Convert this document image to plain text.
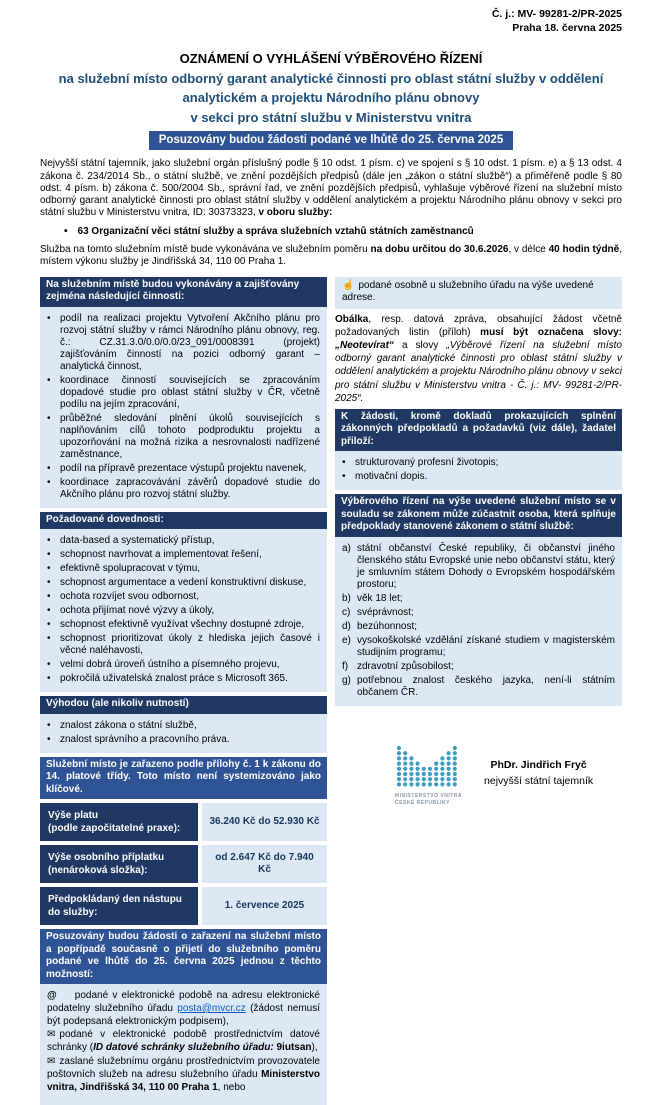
Č. j.: MV- 99281-2/PR-2025
Praha 18. června 2025
OZNÁMENÍ O VYHLÁŠENÍ VÝBĚROVÉHO ŘÍZENÍ
na služební místo odborný garant analytické činnosti pro oblast státní služby v oddělení
analytickém a projektu Národního plánu obnovy
v sekci pro státní službu v Ministerstvu vnitra
Posuzovány budou žádosti podané ve lhůtě do 25. června 2025

Nejvyšší státní tajemník, jako služební orgán příslušný podle § 10 odst. 1 písm. c) ve spojení s § 10 odst. 1 písm. e) a § 13 odst. 4 zákona č. 234/2014 Sb., o státní službě, ve znění pozdějších předpisů (dále jen „zákon o státní službě“) a přiměřeně podle § 80 odst. 4 písm. b) zákona č. 500/2004 Sb., správní řad, ve znění pozdějších předpisů, vyhlašuje výběrové řízení na služební místo odborný garant analytické činnosti pro oblast státní služby v oddělení analytickém a projektu Národního plánu obnovy v sekci pro státní službu v Ministerstvu vnitra, ID: 30373323, v oboru služby:

• 63 Organizační věci státní služby a správa služebních vztahů státních zaměstnanců

Služba na tomto služebním místě bude vykonávána ve služebním poměru na dobu určitou do 30.6.2026, v délce 40 hodin týdně, místem výkonu služby je Jindřišská 34, 110 00 Praha 1.

Na služebním místě budou vykonávány a zajišťovány zejména následující činnosti:
• podíl na realizaci projektu Vytvoření Akčního plánu pro rozvoj státní služby v rámci Národního plánu obnovy, reg. č.: CZ.31.3.0/0.0/0.0/23_091/0008391 (projekt) zajišťováním činností na pozici odborný garant – analytická činnost,
• koordinace činností souvisejících se zpracováním dopadové studie pro oblast státní služby v ČR, včetně podílu na jejím zpracování,
• průběžné sledování plnění úkolů souvisejících s naplňováním cílů tohoto podproduktu projektu a upozorňování na možná rizika a nesrovnalosti nadřízené zaměstnance,
• podíl na přípravě prezentace výstupů projektu navenek,
• koordinace zapracovávání závěrů dopadové studie do Akčního plánu pro rozvoj státní služby.
Požadované dovednosti:
• data-based a systematický přístup,
• schopnost navrhovat a implementovat řešení,
• efektivně spolupracovat v týmu,
• schopnost argumentace a vedení konstruktivní diskuse,
• ochota rozvíjet svou odbornost,
• ochota přijímat nové výzvy a úkoly,
• schopnost efektivně využívat všechny dostupné zdroje,
• schopnost prioritizovat úkoly z hlediska jejich časové i věcné naléhavosti,
• velmi dobrá úroveň ústního a písemného projevu,
• pokročilá uživatelská znalost práce s Microsoft 365.
Výhodou (ale nikoliv nutností)
• znalost zákona o státní službě,
• znalost správního a pracovního práva.
Služební místo je zařazeno podle přílohy č. 1 k zákonu do 14. platové třídy. Toto místo není systemizováno jako klíčové.
Výše platu
(podle započitatelné praxe):
36.240 Kč do 52.930 Kč
Výše osobního příplatku
(nenároková složka):
od 2.647 Kč do 7.940 Kč
Předpokládaný den nástupu
do služby:
1. července 2025
Posuzovány budou žádosti o zařazení na služební místo a popřípadě současně o přijetí do služebního poměru podané ve lhůtě do 25. června 2025 jednou z těchto možností:

@ podané v elektronické podobě na adresu elektronické podatelny služebního úřadu posta@mvcr.cz (žádost nemusí být podepsaná elektronickým podpisem),

✉ podané v elektronické podobě prostřednictvím datové schránky (ID datové schránky služebního úřadu: 9iutsan),

✉ zaslané služebnímu orgánu prostřednictvím provozovatele poštovních služeb na adresu služebního úřadu Ministerstvo vnitra, Jindřišská 34, 110 00 Praha 1, nebo

☝ podané osobně u služebního úřadu na výše uvedené adrese.

Obálka, resp. datová zpráva, obsahující žádost včetně požadovaných listin (příloh) musí být označena slovy: „Neotevírat“ a slovy „Výběrové řízení na služební místo odborný garant analytické činnosti pro oblast státní služby v oddělení analytickém a projektu Národního plánu obnovy v sekci pro státní službu v Ministerstvu vnitra - Č. j.: MV- 99281-2/PR-2025“.

K žádosti, kromě dokladů prokazujících splnění zákonných předpokladů a požadavků (viz dále), žadatel přiloží:
• strukturovaný profesní životopis;
• motivační dopis.
Výběrového řízení na výše uvedené služební místo se v souladu se zákonem může zúčastnit osoba, která splňuje předpoklady stanovené zákonem o státní službě:
a) státní občanství České republiky, či občanství jiného členského státu Evropské unie nebo občanství státu, který je smluvním státem Dohody o Evropském hospodářském prostoru;
b) věk 18 let;
c) svéprávnost;
d) bezúhonnost;
e) vysokoškolské vzdělání získané studiem v magisterském studijním programu;
f) zdravotní způsobilost;
g) potřebnou znalost českého jazyka, není-li státním občanem ČR.
MINISTERSTVO VNITRA
ČESKÉ REPUBLIKY
PhDr. Jindřich Fryč
nejvyšší státní tajemník
